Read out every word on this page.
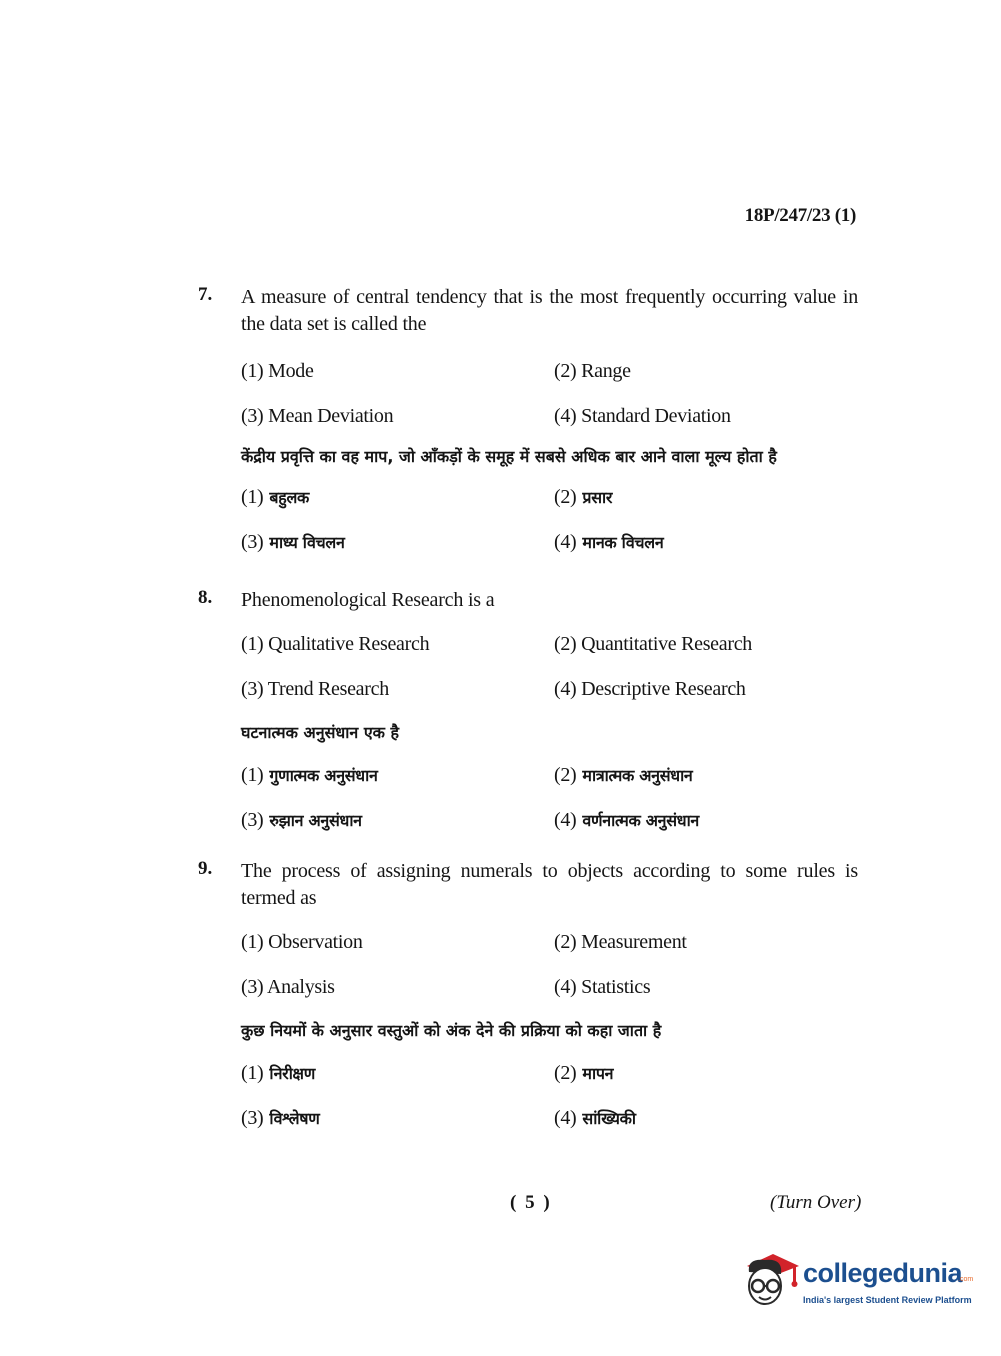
18P/247/23 (1)
7. A measure of central tendency that is the most frequently occurring value in the data set is called the
(1) Mode	(2) Range
(3) Mean Deviation	(4) Standard Deviation
केंद्रीय प्रवृत्ति का वह माप, जो आँकड़ों के समूह में सबसे अधिक बार आने वाला मूल्य होता है
(1) बहुलक	(2) प्रसार
(3) माध्य विचलन	(4) मानक विचलन
8. Phenomenological Research is a
(1) Qualitative Research	(2) Quantitative Research
(3) Trend Research	(4) Descriptive Research
घटनात्मक अनुसंधान एक है
(1) गुणात्मक अनुसंधान	(2) मात्रात्मक अनुसंधान
(3) रुझान अनुसंधान	(4) वर्णनात्मक अनुसंधान
9. The process of assigning numerals to objects according to some rules is termed as
(1) Observation	(2) Measurement
(3) Analysis	(4) Statistics
कुछ नियमों के अनुसार वस्तुओं को अंक देने की प्रक्रिया को कहा जाता है
(1) निरीक्षण	(2) मापन
(3) विश्लेषण	(4) सांख्यिकी
( 5 )	(Turn Over)
collegedunia
.com
India's largest Student Review Platform
